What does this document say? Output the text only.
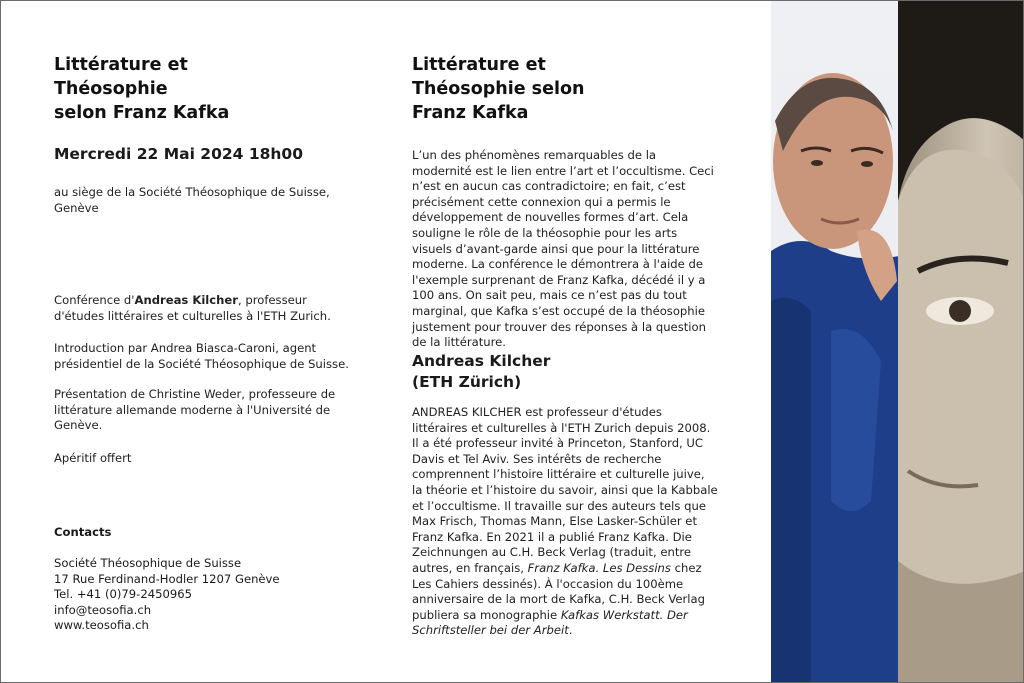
Littérature et
Théosophie
selon Franz Kafka

Mercredi 22 Mai 2024 18h00

au siège de la Société Théosophique de Suisse, Genève

Conférence d'Andreas Kilcher, professeur d'études littéraires et culturelles à l'ETH Zurich.

Introduction par Andrea Biasca-Caroni, agent présidentiel de la Société Théosophique de Suisse.

Présentation de Christine Weder, professeure de littérature allemande moderne à l'Université de Genève.

Apéritif offert

Contacts
Société Théosophique de Suisse
17 Rue Ferdinand-Hodler 1207 Genève
Tel. +41 (0)79-2450965
info@teosofia.ch
www.teosofia.ch
Littérature et
Théosophie selon
Franz Kafka

L’un des phénomènes remarquables de la modernité est le lien entre l’art et l’occultisme. Ceci n’est en aucun cas contradictoire; en fait, c’est précisément cette connexion qui a permis le développement de nouvelles formes d’art. Cela souligne le rôle de la théosophie pour les arts visuels d’avant-garde ainsi que pour la littérature moderne. La conférence le démontrera à l'aide de l'exemple surprenant de Franz Kafka, décédé il y a 100 ans. On sait peu, mais ce n’est pas du tout marginal, que Kafka s’est occupé de la théosophie justement pour trouver des réponses à la question de la littérature.

Andreas Kilcher
(ETH Zürich)

ANDREAS KILCHER est professeur d'études littéraires et culturelles à l'ETH Zurich depuis 2008. Il a été professeur invité à Princeton, Stanford, UC Davis et Tel Aviv. Ses intérêts de recherche comprennent l’histoire littéraire et culturelle juive, la théorie et l’histoire du savoir, ainsi que la Kabbale et l’occultisme. Il travaille sur des auteurs tels que Max Frisch, Thomas Mann, Else Lasker-Schüler et Franz Kafka. En 2021 il a publié Franz Kafka. Die Zeichnungen au C.H. Beck Verlag (traduit, entre autres, en français, Franz Kafka. Les Dessins chez Les Cahiers dessinés). À l'occasion du 100ème anniversaire de la mort de Kafka, C.H. Beck Verlag publiera sa monographie Kafkas Werkstatt. Der Schriftsteller bei der Arbeit.
